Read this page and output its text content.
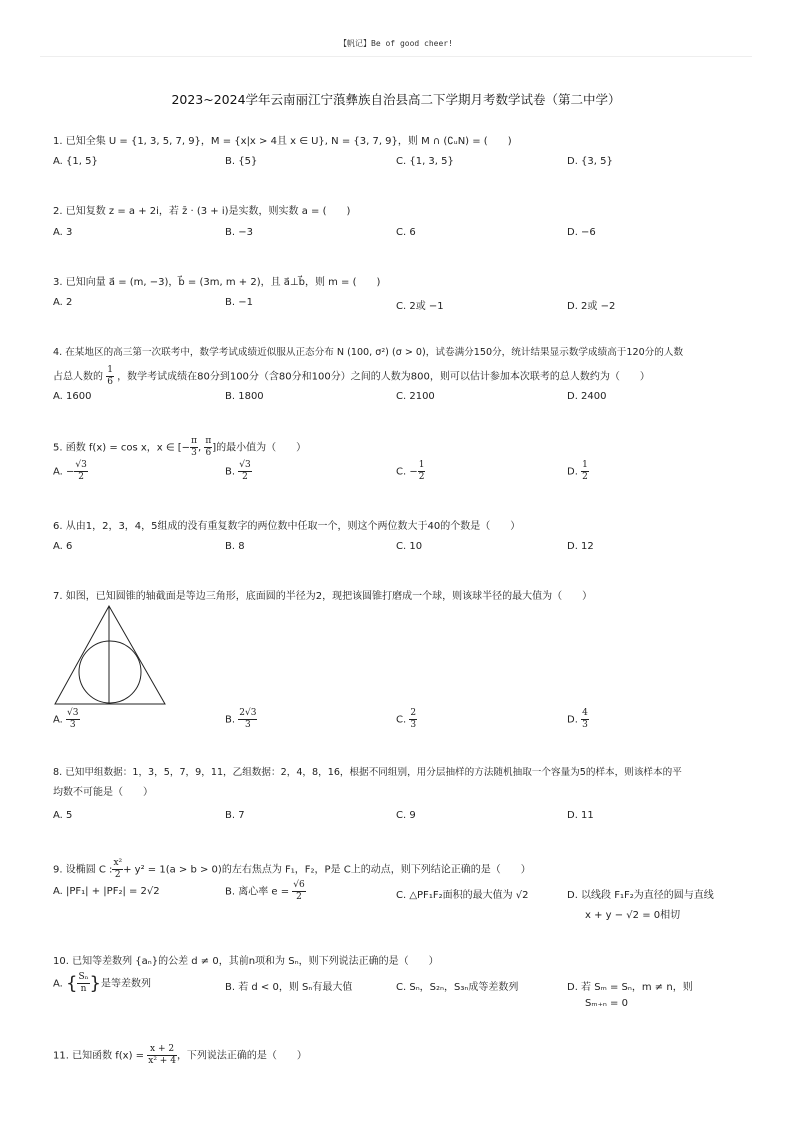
【帆记】Be of good cheer!
2023~2024学年云南丽江宁蒗彝族自治县高二下学期月考数学试卷（第二中学）
1. 已知全集 U = {1, 3, 5, 7, 9}，M = {x|x > 4且 x ∈ U}, N = {3, 7, 9}，则 M ∩ (∁ᵤN) = (　　)
A. {1, 5}	B. {5}	C. {1, 3, 5}	D. {3, 5}
2. 已知复数 z = a + 2i，若 z̄ · (3 + i)是实数，则实数 a = (　　)
A. 3	B. −3	C. 6	D. −6
3. 已知向量 a⃗ = (m, −3)，b⃗ = (3m, m + 2)，且 a⃗⊥b⃗，则 m = (　　)
A. 2	B. −1	C. 2或 −1	D. 2或 −2
4. 在某地区的高三第一次联考中，数学考试成绩近似服从正态分布 N (100, σ²) (σ > 0)，试卷满分150分，统计结果显示数学成绩高于120分的人数
占总人数的 $\frac{1}{6}$ ，数学考试成绩在80分到100分（含80分和100分）之间的人数为800，则可以估计参加本次联考的总人数约为（　　）
A. 1600	B. 1800	C. 2100	D. 2400
5. 函数 f(x) = cos x，x ∈ [− $\frac{\pi}{3}$ , $\frac{\pi}{6}$ ]的最小值为（　　）
A. − $\frac{√3}{2}$	B. $\frac{√3}{2}$	C. − $\frac{1}{2}$	D. $\frac{1}{2}$
6. 从由1，2，3，4，5组成的没有重复数字的两位数中任取一个，则这个两位数大于40的个数是（　　）
A. 6	B. 8	C. 10	D. 12
7. 如图，已知圆锥的轴截面是等边三角形，底面圆的半径为2，现把该圆锥打磨成一个球，则该球半径的最大值为（　　）
A. $\frac{√3}{3}$	B. $\frac{2√3}{3}$	C. $\frac{2}{3}$	D. $\frac{4}{3}$
8. 已知甲组数据：1，3，5，7，9，11，乙组数据：2，4，8，16，根据不同组别，用分层抽样的方法随机抽取一个容量为5的样本，则该样本的平
均数不可能是（　　）
A. 5	B. 7	C. 9	D. 11
9. 设椭圆 C : $\frac{\text{x²}}{2} + y^2 = 1(a > b > 0)$的左右焦点为 F₁，F₂，P是 C上的动点，则下列结论正确的是（　　）
A. |PF₁| + |PF₂| = 2√2	B. 离心率 $e = \frac{√6}{2}$	C. △PF₁F₂面积的最大值为 √2	D. 以线段 F₁F₂为直径的圆与直线
x + y − √2 = 0相切
10. 已知等差数列 {aₙ}的公差 d ≠ 0，其前n项和为 Sₙ，则下列说法正确的是（　　）
A. { $\frac{\text{Sₙ}}{n}$ }是等差数列	B. 若 d < 0，则 Sₙ有最大值	C. Sₙ，S₂ₙ，S₃ₙ成等差数列	D. 若 Sₘ = Sₙ，m ≠ n，则
Sₘ₊ₙ = 0
11. 已知函数 $f(x) = \frac{x + 2}{\text{x² + 4}}$ ，下列说法正确的是（　　）
